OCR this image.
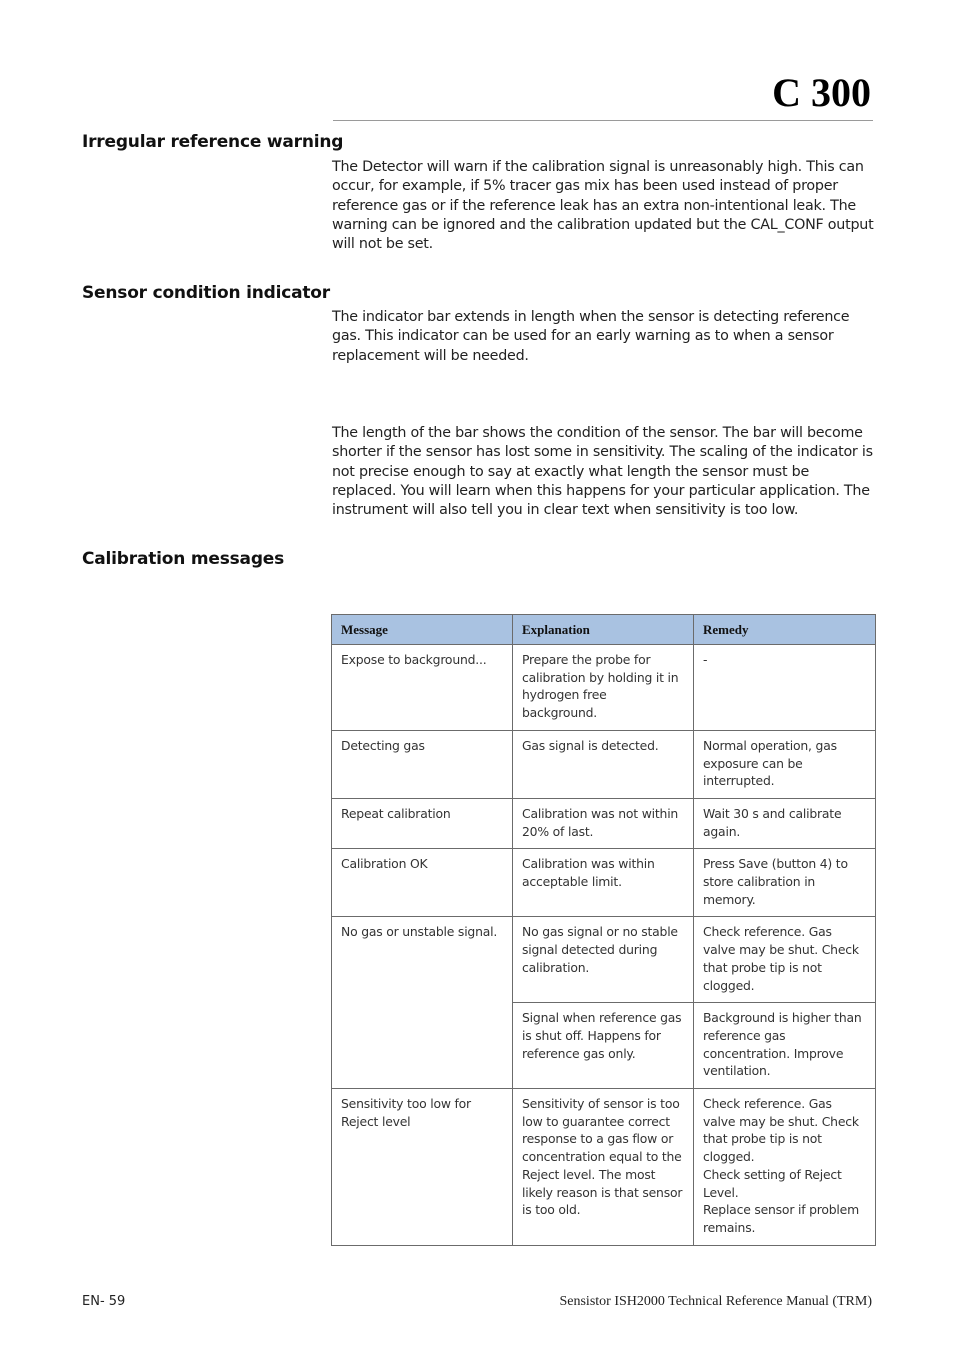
C 300
Irregular reference warning
The Detector will warn if the calibration signal is unreasonably high. This can occur, for example, if 5% tracer gas mix has been used instead of proper reference gas or if the reference leak has an extra non-intentional leak. The warning can be ignored and the calibration updated but the CAL_CONF output will not be set.
Sensor condition indicator
The indicator bar extends in length when the sensor is detecting reference gas. This indicator can be used for an early warning as to when a sensor replacement will be needed.
The length of the bar shows the condition of the sensor. The bar will become shorter if the sensor has lost some in sensitivity. The scaling of the indicator is not precise enough to say at exactly what length the sensor must be replaced. You will learn when this happens for your particular application. The instrument will also tell you in clear text when sensitivity is too low.
Calibration messages
Message	Explanation	Remedy
Expose to background...	Prepare the probe for calibration by holding it in hydrogen free background.	-
Detecting gas	Gas signal is detected.	Normal operation, gas exposure can be interrupted.
Repeat calibration	Calibration was not within 20% of last.	Wait 30 s and calibrate again.
Calibration OK	Calibration was within acceptable limit.	Press Save (button 4) to store calibration in memory.
No gas or unstable signal.	No gas signal or no stable signal detected during calibration.	Check reference. Gas valve may be shut. Check that probe tip is not clogged.
	Signal when reference gas is shut off. Happens for reference gas only.	Background is higher than reference gas concentration. Improve ventilation.
Sensitivity too low for Reject level	Sensitivity of sensor is too low to guarantee correct response to a gas flow or concentration equal to the Reject level. The most likely reason is that sensor is too old.	Check reference. Gas valve may be shut. Check that probe tip is not clogged.
Check setting of Reject Level.
Replace sensor if problem remains.
EN- 59	Sensistor ISH2000 Technical Reference Manual (TRM)
